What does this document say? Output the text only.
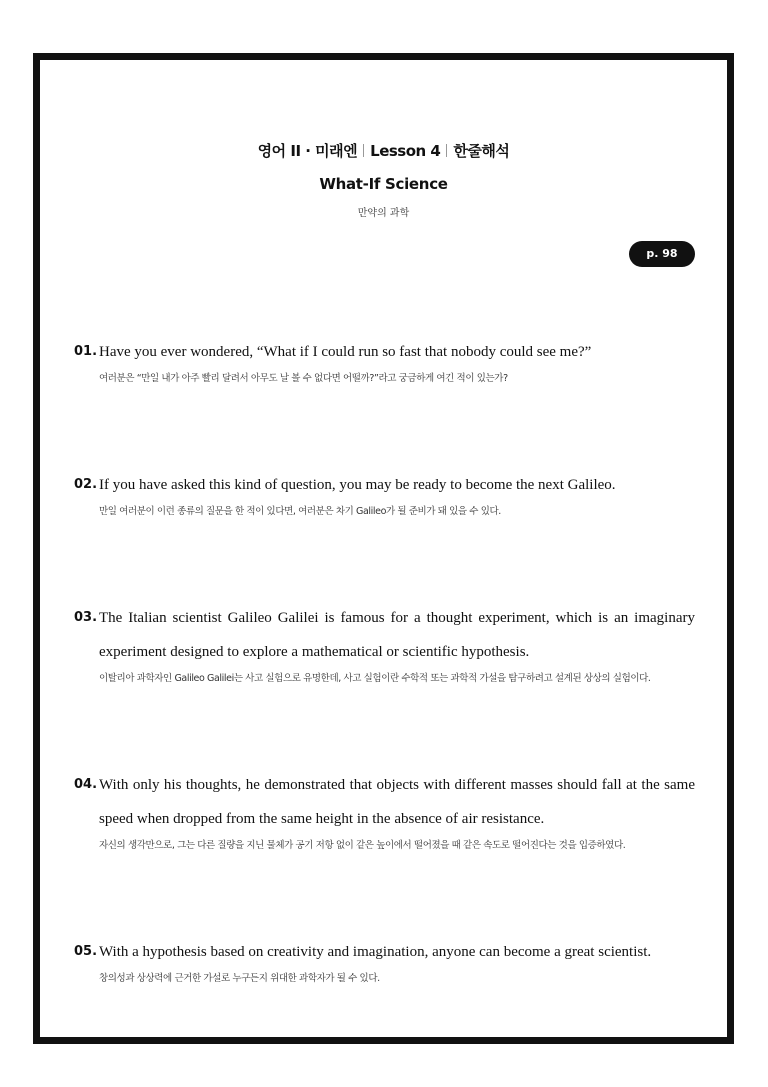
영어 II · 미래엔 Lesson 4 한줄해석
What-If Science
만약의 과학
p. 98
01. Have you ever wondered, “What if I could run so fast that nobody could see me?”
여러분은 “만일 내가 아주 빨리 달려서 아무도 날 볼 수 없다면 어떨까?”라고 궁금하게 여긴 적이 있는가?
02. If you have asked this kind of question, you may be ready to become the next Galileo.
만일 여러분이 이런 종류의 질문을 한 적이 있다면, 여러분은 차기 Galileo가 될 준비가 돼 있을 수 있다.
03. The Italian scientist Galileo Galilei is famous for a thought experiment, which is an imaginary experiment designed to explore a mathematical or scientific hypothesis.
이탈리아 과학자인 Galileo Galilei는 사고 실험으로 유명한데, 사고 실험이란 수학적 또는 과학적 가설을 탐구하려고 설계된 상상의 실험이다.
04. With only his thoughts, he demonstrated that objects with different masses should fall at the same speed when dropped from the same height in the absence of air resistance.
자신의 생각만으로, 그는 다른 질량을 지닌 물체가 공기 저항 없이 같은 높이에서 떨어졌을 때 같은 속도로 떨어진다는 것을 입증하였다.
05. With a hypothesis based on creativity and imagination, anyone can become a great scientist.
창의성과 상상력에 근거한 가설로 누구든지 위대한 과학자가 될 수 있다.
